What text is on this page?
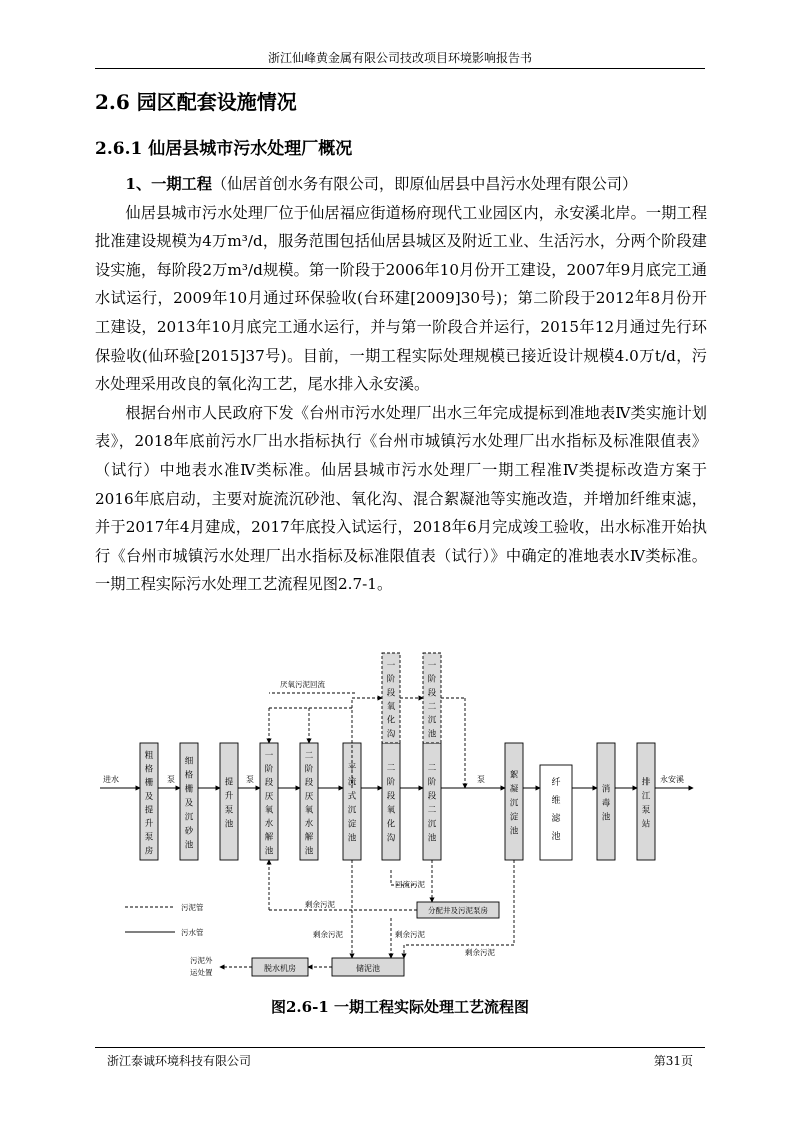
浙江仙峰黄金属有限公司技改项目环境影响报告书
2.6 园区配套设施情况
2.6.1 仙居县城市污水处理厂概况

1、一期工程（仙居首创水务有限公司，即原仙居县中昌污水处理有限公司）

仙居县城市污水处理厂位于仙居福应街道杨府现代工业园区内，永安溪北岸。一期工程批准建设规模为4万m³/d，服务范围包括仙居县城区及附近工业、生活污水，分两个阶段建设实施，每阶段2万m³/d规模。第一阶段于2006年10月份开工建设，2007年9月底完工通水试运行，2009年10月通过环保验收(台环建[2009]30号)；第二阶段于2012年8月份开工建设，2013年10月底完工通水运行，并与第一阶段合并运行，2015年12月通过先行环保验收(仙环验[2015]37号)。目前，一期工程实际处理规模已接近设计规模4.0万t/d，污水处理采用改良的氧化沟工艺，尾水排入永安溪。

根据台州市人民政府下发《台州市污水处理厂出水三年完成提标到准地表Ⅳ类实施计划表》，2018年底前污水厂出水指标执行《台州市城镇污水处理厂出水指标及标准限值表》（试行）中地表水准Ⅳ类标准。仙居县城市污水处理厂一期工程准Ⅳ类提标改造方案于2016年底启动，主要对旋流沉砂池、氧化沟、混合絮凝池等实施改造，并增加纤维束滤，并于2017年4月建成，2017年底投入试运行，2018年6月完成竣工验收，出水标准开始执行《台州市城镇污水处理厂出水指标及标准限值表（试行）》中确定的准地表水Ⅳ类标准。一期工程实际污水处理工艺流程见图2.7-1。

粗格栅及提升泵房
细格栅及沉砂池
提升泵池
一阶段厌氧水解池
二阶段厌氧水解池
平流式沉淀池
二阶段氧化沟
二阶段二沉池
絮凝沉淀池
消毒池
排江泵站
纤维滤池
一阶段氧化沟
一阶段二沉池
进水	泵	泵	泵	永安溪
厌氧污泥回流
分配井及污泥泵房
回流污泥
剩余污泥
储泥池
剩余污泥	剩余污泥
剩余污泥
脱水机房
污泥外
运处置
污泥管
污水管
图2.6-1 一期工程实际处理工艺流程图
浙江泰诚环境科技有限公司	第31页
